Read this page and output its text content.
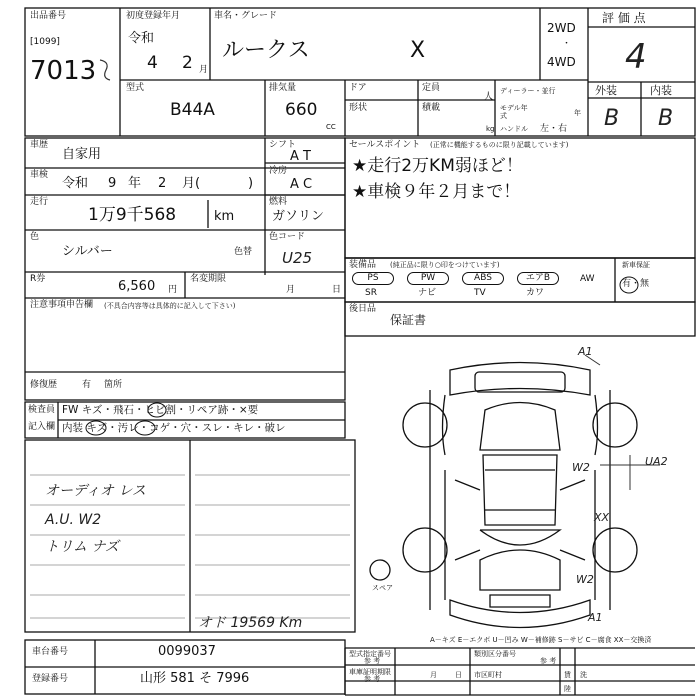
出品番号
[1099]
7013
初度登録年月
令和
4 2 月
車名・グレード
ルークス	X
2WD
・
4WD
評 価 点
4
型式
B44A
排気量
660
CC
ドア
形状
定員
人
積載
kg
ディーラー・並行
モデル年式	年
ハンドル 左・右
外装	内装
B B
車歴
自家用
車検
令和 9 年 2 月(	)
走行
1万9千568	km
色
シルバー	色替
R券	6,560 円
名変期限
月	日
シフト
A T
冷房
A C
燃料
ガソリン
色コード
U25
注意事項申告欄 (不具合内容等は具体的に記入して下さい)
修復歴	有 箇所
セールスポイント (正常に機能するものに限り記載しています)
★走行2万KM弱ほど！
★車検９年２月まで！
装備品 (純正品に限り○印をつけています)	新車保証
有・無
PS	PW	ABS	エアB	AW
SR	ナビ	TV	カワ
後日品
保証書
検査員
記入欄
FW キズ・飛石・ヒビ割・リペア跡・×要
内装 キズ・汚レ・コゲ・穴・スレ・キレ・破レ
オーディオ レス
A.U. W2
トリム ナズ
オド 19569 Km
スペア
A1
W2	UA2
XX
W2
A1
A－キズ E－エクボ U－凹み W－補修跡 S－サビ C－腐食 XX－交換済
型式指定番号
参 考
類別区分番号
参 考
車庫証明期限
参 考	月	日 市区町村	賃 洗
陸
車台番号	0099037
登録番号	山形 581 そ 7996
